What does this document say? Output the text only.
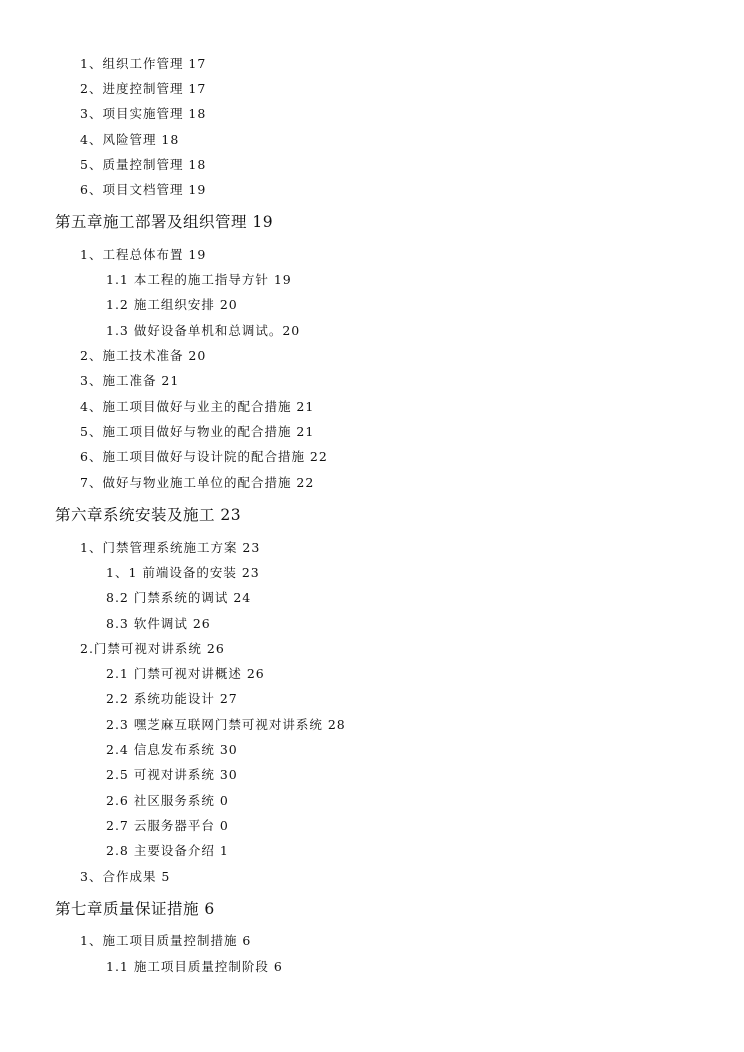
1、组织工作管理 17
2、进度控制管理 17
3、项目实施管理 18
4、风险管理 18
5、质量控制管理 18
6、项目文档管理 19
第五章施工部署及组织管理 19
1、工程总体布置 19
1.1 本工程的施工指导方针 19
1.2 施工组织安排 20
1.3 做好设备单机和总调试。20
2、施工技术准备 20
3、施工准备 21
4、施工项目做好与业主的配合措施 21
5、施工项目做好与物业的配合措施 21
6、施工项目做好与设计院的配合措施 22
7、做好与物业施工单位的配合措施 22
第六章系统安装及施工 23
1、门禁管理系统施工方案 23
1、1 前端设备的安装 23
8.2 门禁系统的调试 24
8.3 软件调试 26
2.门禁可视对讲系统 26
2.1 门禁可视对讲概述 26
2.2 系统功能设计 27
2.3 嘿芝麻互联网门禁可视对讲系统 28
2.4 信息发布系统 30
2.5 可视对讲系统 30
2.6 社区服务系统 0
2.7 云服务器平台 0
2.8 主要设备介绍 1
3、合作成果 5
第七章质量保证措施 6
1、施工项目质量控制措施 6
1.1 施工项目质量控制阶段 6
